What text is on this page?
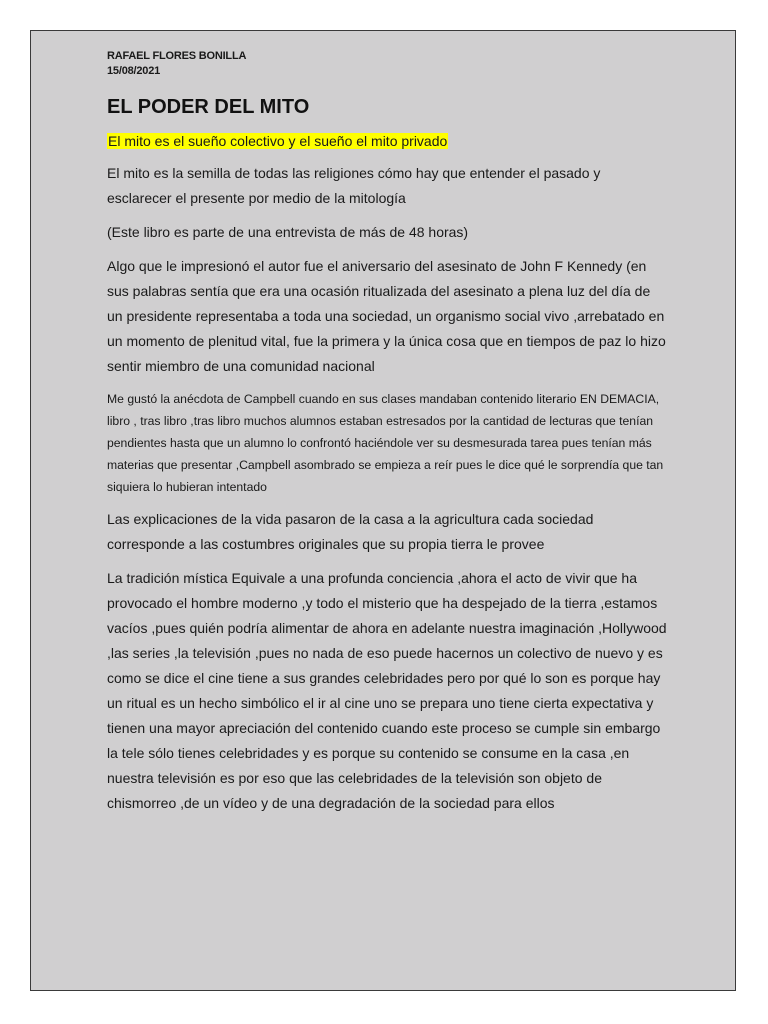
RAFAEL FLORES BONILLA

15/08/2021

EL PODER DEL MITO
El mito es el sueño colectivo y el sueño el mito privado

El mito es la semilla de todas las religiones cómo hay que entender el pasado y esclarecer el presente por medio de la mitología

(Este libro es parte de una entrevista de más de 48 horas)

Algo que le impresionó el autor fue el aniversario del asesinato de John F Kennedy (en sus palabras sentía que era una ocasión ritualizada del asesinato a plena luz del día de un presidente representaba a toda una sociedad, un organismo social vivo ,arrebatado en un momento de plenitud vital, fue la primera y la única cosa que en tiempos de paz lo hizo sentir miembro de una comunidad nacional

Me gustó la anécdota de Campbell cuando en sus clases mandaban contenido literario EN DEMACIA, libro , tras libro ,tras libro muchos alumnos estaban estresados por la cantidad de lecturas que tenían pendientes hasta que un alumno lo confrontó haciéndole ver su desmesurada tarea pues tenían más materias que presentar ,Campbell asombrado se empieza a reír pues le dice qué le sorprendía que tan siquiera lo hubieran intentado

Las explicaciones de la vida pasaron de la casa a la agricultura cada sociedad corresponde a las costumbres originales que su propia tierra le provee

La tradición mística Equivale a una profunda conciencia ,ahora el acto de vivir que ha provocado el hombre moderno ,y todo el misterio que ha despejado de la tierra ,estamos vacíos ,pues quién podría alimentar de ahora en adelante nuestra imaginación ,Hollywood ,las series ,la televisión ,pues no nada de eso puede hacernos un colectivo de nuevo y es como se dice el cine tiene a sus grandes celebridades pero por qué lo son es porque hay un ritual es un hecho simbólico el ir al cine uno se prepara uno tiene cierta expectativa y tienen una mayor apreciación del contenido cuando este proceso se cumple sin embargo la tele sólo tienes celebridades y es porque su contenido se consume en la casa ,en nuestra televisión es por eso que las celebridades de la televisión son objeto de chismorreo ,de un vídeo y de una degradación de la sociedad para ellos
